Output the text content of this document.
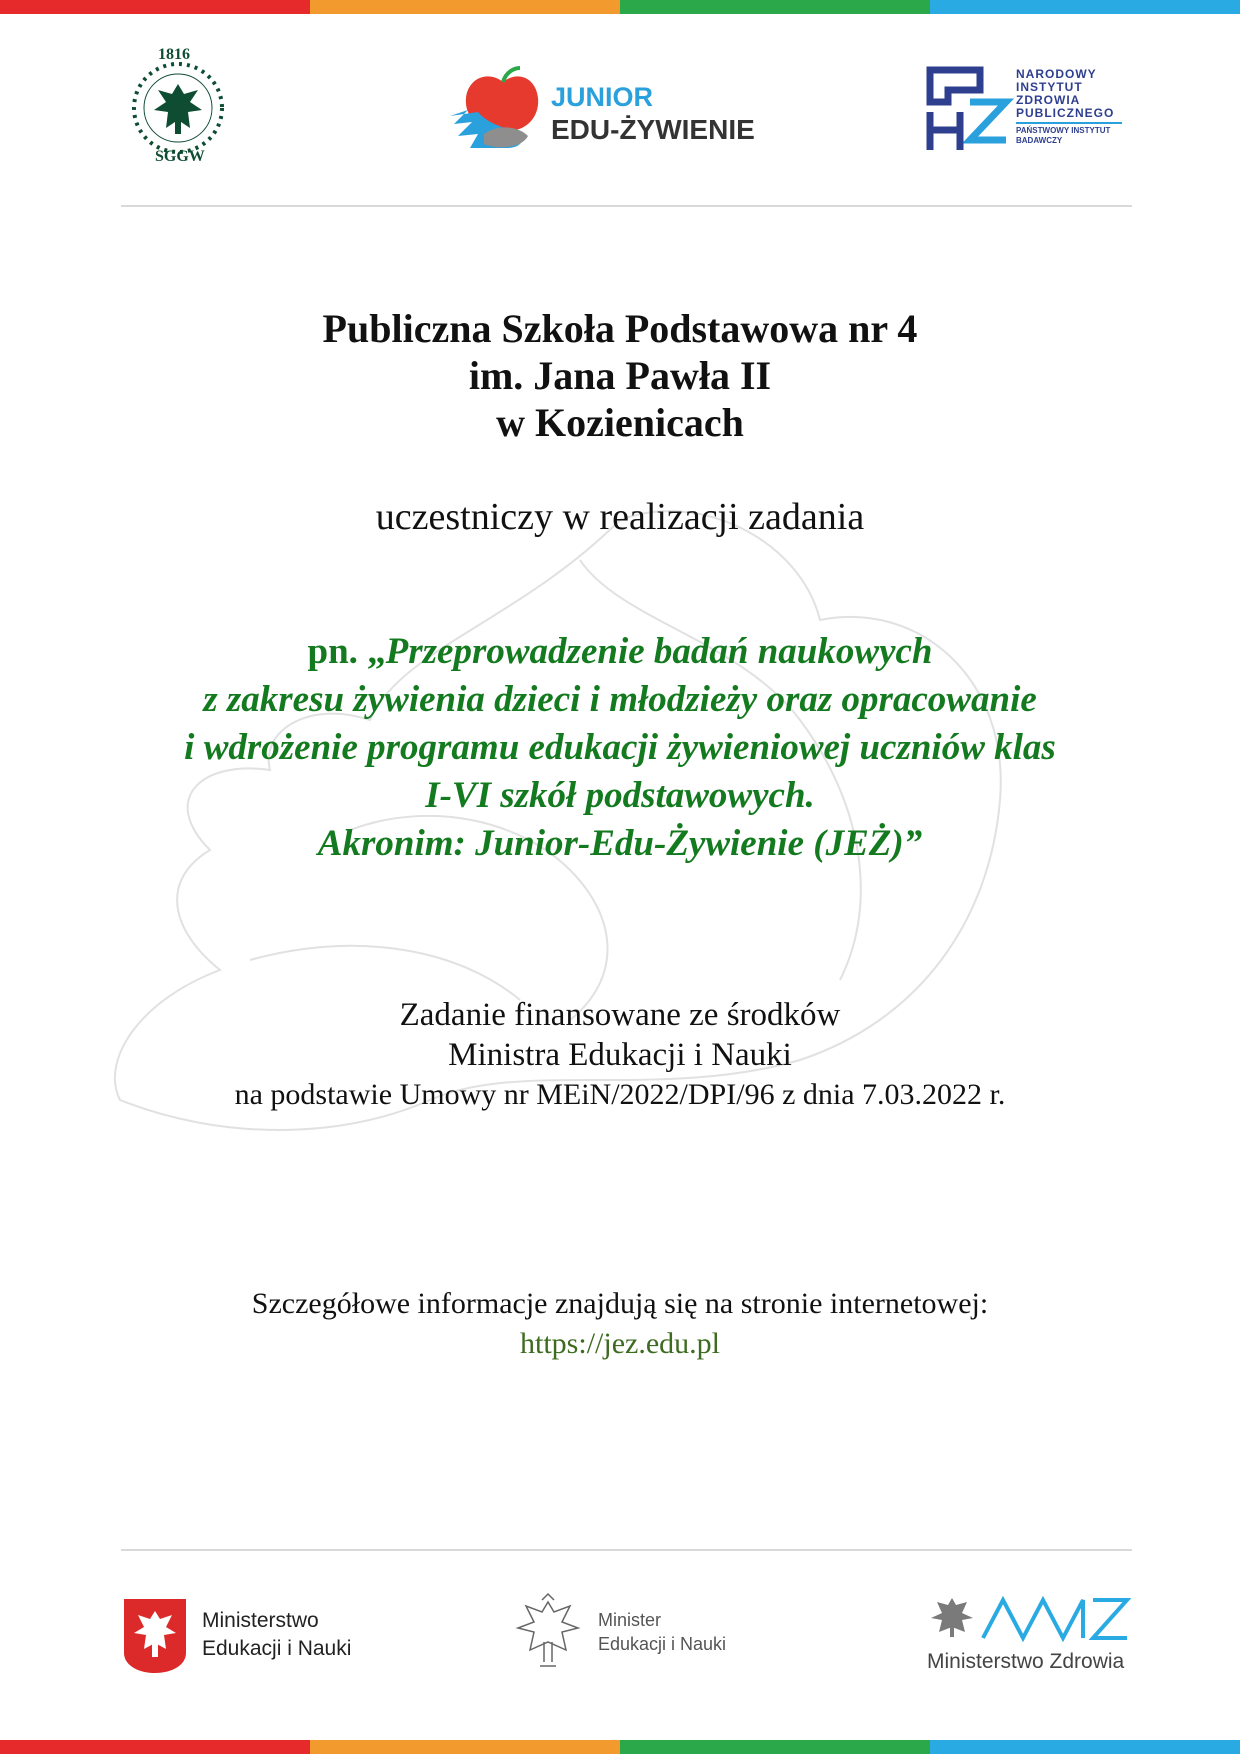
1816
SGGW
JUNIOR
EDU-ŻYWIENIE
NARODOWY
INSTYTUT
ZDROWIA
PUBLICZNEGO
PAŃSTWOWY INSTYTUT
BADAWCZY
Publiczna Szkoła Podstawowa nr 4
im. Jana Pawła II
w Kozienicach
uczestniczy w realizacji zadania
pn. „Przeprowadzenie badań naukowych
z zakresu żywienia dzieci i młodzieży oraz opracowanie
i wdrożenie programu edukacji żywieniowej uczniów klas
I-VI szkół podstawowych.
Akronim: Junior-Edu-Żywienie (JEŻ)”
Zadanie finansowane ze środków
Ministra Edukacji i Nauki
na podstawie Umowy nr MEiN/2022/DPI/96 z dnia 7.03.2022 r.
Szczegółowe informacje znajdują się na stronie internetowej:
https://jez.edu.pl
Ministerstwo
Edukacji i Nauki
Minister
Edukacji i Nauki
Ministerstwo Zdrowia
